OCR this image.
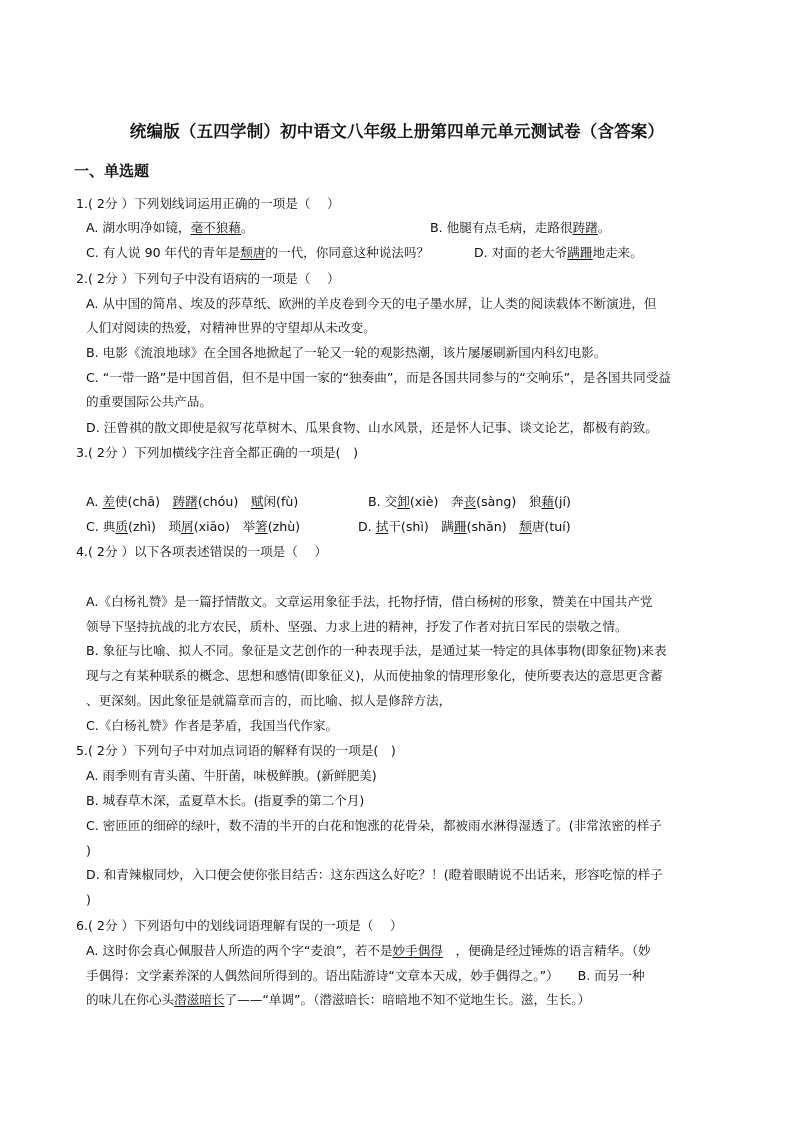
统编版（五四学制）初中语文八年级上册第四单元单元测试卷（含答案）
一、单选题
1.( 2分 ）下列划线词运用正确的一项是（　 ）
A. 湖水明净如镜，毫不狼藉。	B. 他腿有点毛病，走路很踌躇。
C. 有人说 90 年代的青年是颓唐的一代，你同意这种说法吗？	D. 对面的老大爷蹒跚地走来。
2.( 2分 ）下列句子中没有语病的一项是（　 ）
A. 从中国的简帛、埃及的莎草纸、欧洲的羊皮卷到今天的电子墨水屏，让人类的阅读载体不断演进，但
人们对阅读的热爱，对精神世界的守望却从未改变。
B. 电影《流浪地球》在全国各地掀起了一轮又一轮的观影热潮，该片屡屡刷新国内科幻电影。
C. “一带一路”是中国首倡，但不是中国一家的“独奏曲”，而是各国共同参与的“交响乐”，是各国共同受益
的重要国际公共产品。
D. 汪曾祺的散文即使是叙写花草树木、瓜果食物、山水风景，还是怀人记事、谈文论艺，都极有韵致。
3.( 2分 ）下列加横线字注音全都正确的一项是(　)
A. 差使(chā)  踌躇(chóu)  赋闲(fù)	B. 交卸(xiè)  奔丧(sàng)  狼藉(jí)
C. 典质(zhì)  琐屑(xiāo)  举箸(zhù)	D. 拭干(shì)  蹒跚(shān)  颓唐(tuí)
4.( 2分 ）以下各项表述错误的一项是（　 ）
A.《白杨礼赞》是一篇抒情散文。文章运用象征手法，托物抒情，借白杨树的形象，赞美在中国共产党
领导下坚持抗战的北方农民，质朴、坚强、力求上进的精神，抒发了作者对抗日军民的崇敬之情。
B. 象征与比喻、拟人不同。象征是文艺创作的一种表现手法，是通过某一特定的具体事物(即象征物)来表
现与之有某种联系的概念、思想和感情(即象征义)，从而使抽象的情理形象化，使所要表达的意思更含蓄
、更深刻。因此象征是就篇章而言的，而比喻、拟人是修辞方法，
C.《白杨礼赞》作者是茅盾，我国当代作家。
5.( 2分 ）下列句子中对加点词语的解释有误的一项是(　)
A. 雨季则有青头菌、牛肝菌，味极鲜腴。(新鲜肥美)
B. 城春草木深，孟夏草木长。(指夏季的第二个月)
C. 密匝匝的细碎的绿叶，数不清的半开的白花和饱涨的花骨朵，都被雨水淋得湿透了。(非常浓密的样子
)
D. 和青辣椒同炒，入口便会使你张目结舌：这东西这么好吃？！(瞪着眼睛说不出话来，形容吃惊的样子
)
6.( 2分 ）下列语句中的划线词语理解有误的一项是（　 ）
A. 这时你会真心佩服昔人所造的两个字“麦浪”，若不是妙手偶得　，便确是经过锤炼的语言精华。（妙
手偶得：文学素养深的人偶然间所得到的。语出陆游诗“文章本天成，妙手偶得之。”）　　B. 而另一种
的味儿在你心头潜滋暗长了——“单调”。（潜滋暗长：暗暗地不知不觉地生长。滋，生长。）
